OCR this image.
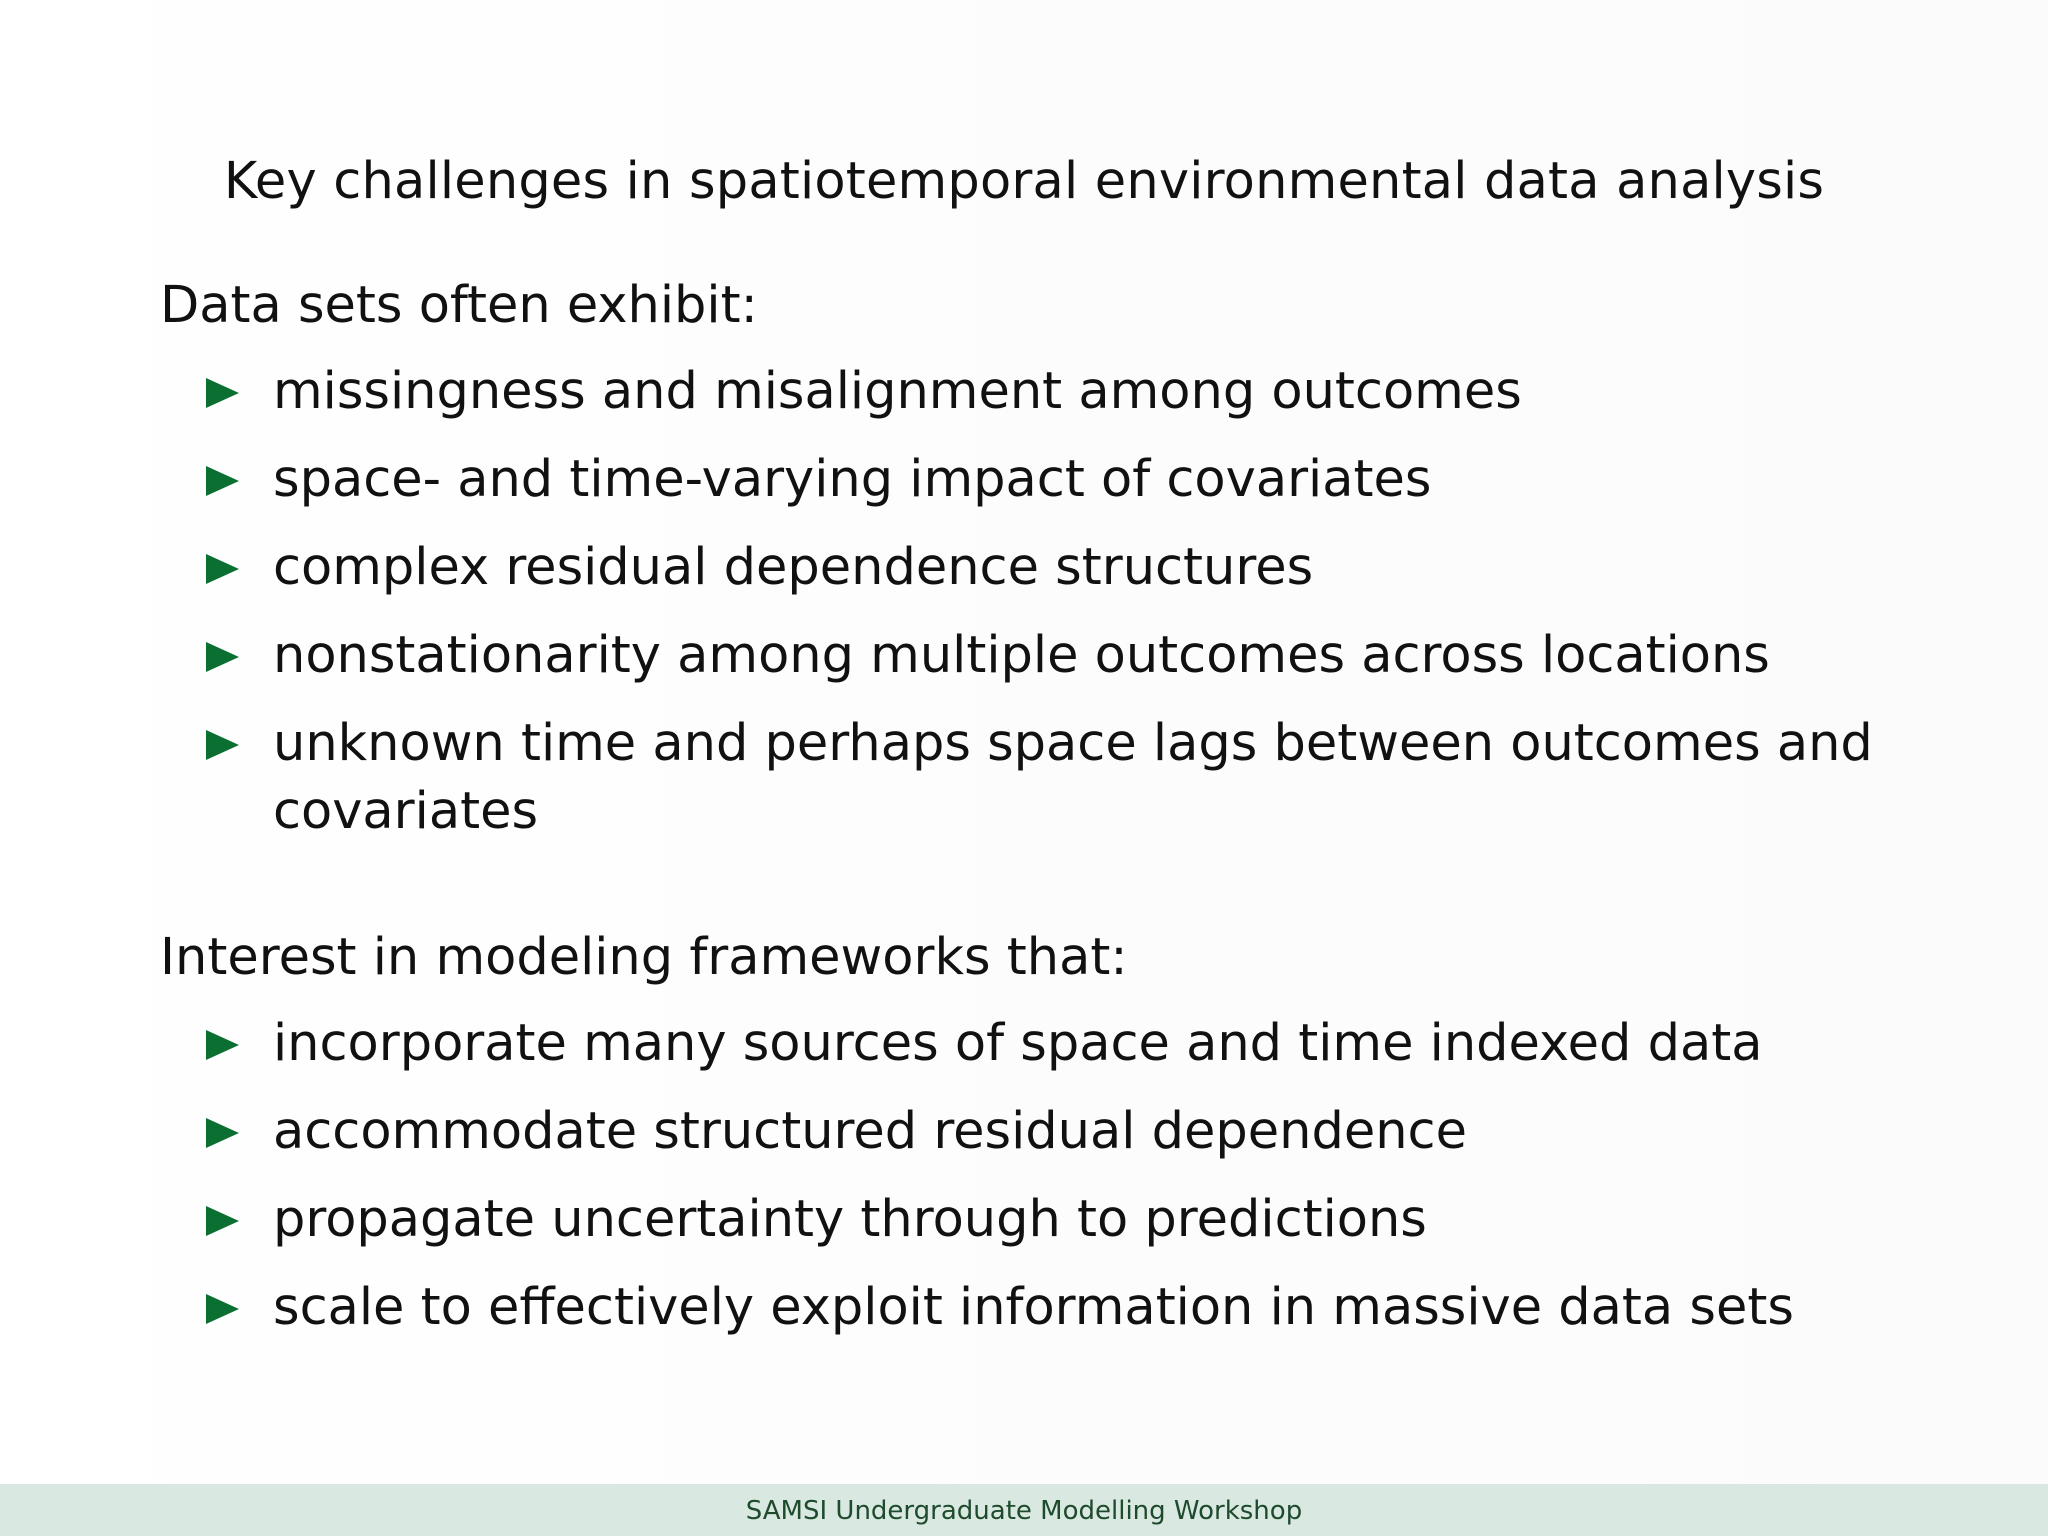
Key challenges in spatiotemporal environmental data analysis
Data sets often exhibit:
missingness and misalignment among outcomes
space- and time-varying impact of covariates
complex residual dependence structures
nonstationarity among multiple outcomes across locations
unknown time and perhaps space lags between outcomes and covariates
Interest in modeling frameworks that:
incorporate many sources of space and time indexed data
accommodate structured residual dependence
propagate uncertainty through to predictions
scale to effectively exploit information in massive data sets
SAMSI Undergraduate Modelling Workshop
